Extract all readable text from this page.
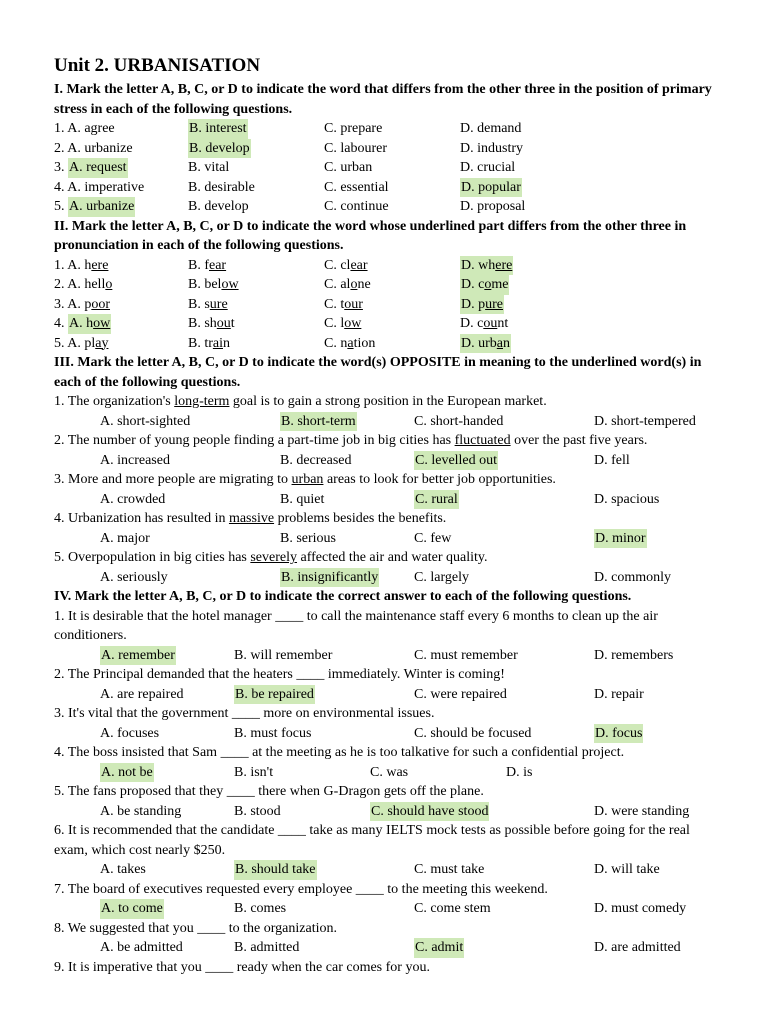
Unit 2. URBANISATION
I. Mark the letter A, B, C, or D to indicate the word that differs from the other three in the position of primary stress in each of the following questions.
1. A. agree	B. interest	C. prepare	D. demand
2. A. urbanize	B. develop	C. labourer	D. industry
3. A. request	B. vital	C. urban	D. crucial
4. A. imperative	B. desirable	C. essential	D. popular
5. A. urbanize	B. develop	C. continue	D. proposal
II. Mark the letter A, B, C, or D to indicate the word whose underlined part differs from the other three in pronunciation in each of the following questions.
1. A. here	B. fear	C. clear	D. where
2. A. hello	B. below	C. alone	D. come
3. A. poor	B. sure	C. tour	D. pure
4. A. how	B. shout	C. low	D. count
5. A. play	B. train	C. nation	D. urban
III. Mark the letter A, B, C, or D to indicate the word(s) OPPOSITE in meaning to the underlined word(s) in each of the following questions.
1. The organization's long-term goal is to gain a strong position in the European market.
A. short-sighted	B. short-term	C. short-handed	D. short-tempered
2. The number of young people finding a part-time job in big cities has fluctuated over the past five years.
A. increased	B. decreased	C. levelled out	D. fell
3. More and more people are migrating to urban areas to look for better job opportunities.
A. crowded	B. quiet	C. rural	D. spacious
4. Urbanization has resulted in massive problems besides the benefits.
A. major	B. serious	C. few	D. minor
5. Overpopulation in big cities has severely affected the air and water quality.
A. seriously	B. insignificantly	C. largely	D. commonly
IV. Mark the letter A, B, C, or D to indicate the correct answer to each of the following questions.
1. It is desirable that the hotel manager ____ to call the maintenance staff every 6 months to clean up the air conditioners.
A. remember	B. will remember	C. must remember	D. remembers
2. The Principal demanded that the heaters ____ immediately. Winter is coming!
A. are repaired	B. be repaired	C. were repaired	D. repair
3. It's vital that the government ____ more on environmental issues.
A. focuses	B. must focus	C. should be focused	D. focus
4. The boss insisted that Sam ____ at the meeting as he is too talkative for such a confidential project.
A. not be	B. isn't	C. was	D. is
5. The fans proposed that they ____ there when G-Dragon gets off the plane.
A. be standing	B. stood	C. should have stood	D. were standing
6. It is recommended that the candidate ____ take as many IELTS mock tests as possible before going for the real exam, which cost nearly $250.
A. takes	B. should take	C. must take	D. will take
7. The board of executives requested every employee ____ to the meeting this weekend.
A. to come	B. comes	C. come stem	D. must comedy
8. We suggested that you ____ to the organization.
A. be admitted	B. admitted	C. admit	D. are admitted
9. It is imperative that you ____ ready when the car comes for you.
